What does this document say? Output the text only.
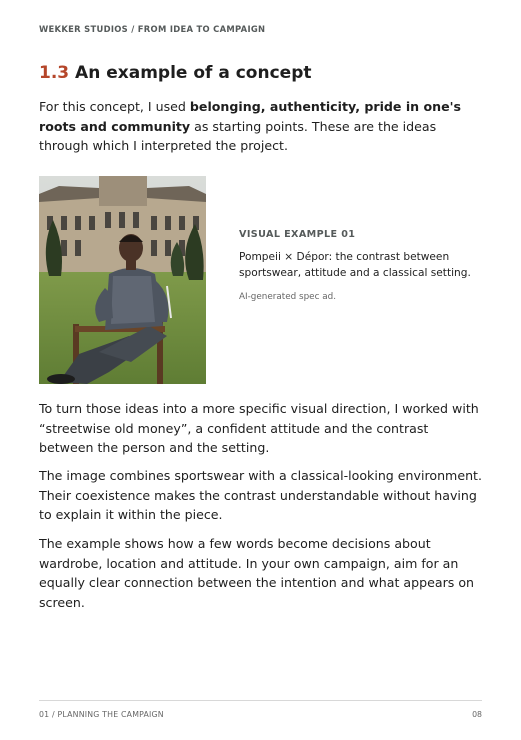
WEKKER STUDIOS / FROM IDEA TO CAMPAIGN
1.3 An example of a concept

For this concept, I used belonging, authenticity, pride in one's roots and community as starting points. These are the ideas through which I interpreted the project.

VISUAL EXAMPLE 01

Pompeii × Dépor: the contrast between sportswear, attitude and a classical setting.

AI-generated spec ad.

To turn those ideas into a more specific visual direction, I worked with “streetwise old money”, a confident attitude and the contrast between the person and the setting.

The image combines sportswear with a classical-looking environment. Their coexistence makes the contrast understandable without having to explain it within the piece.

The example shows how a few words become decisions about wardrobe, location and attitude. In your own campaign, aim for an equally clear connection between the intention and what appears on screen.

01 / PLANNING THE CAMPAIGN	08
